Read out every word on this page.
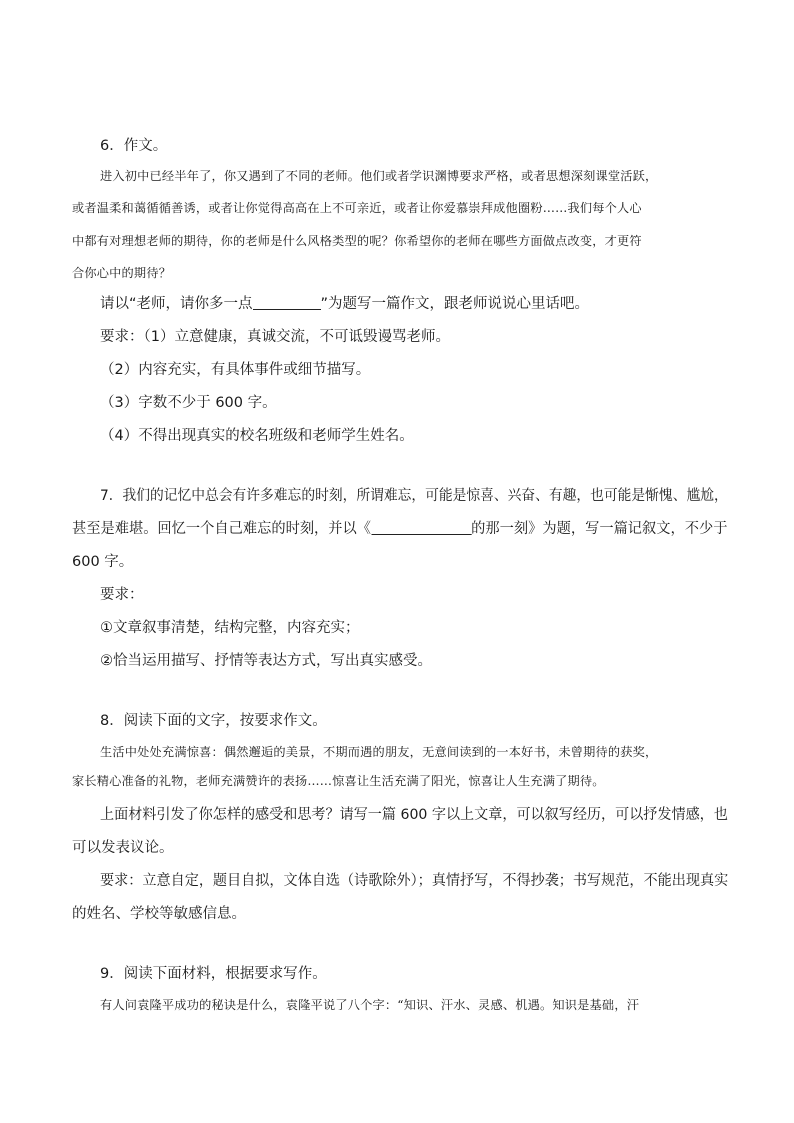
6．作文。
进入初中已经半年了，你又遇到了不同的老师。他们或者学识渊博要求严格，或者思想深刻课堂活跃，
或者温柔和蔼循循善诱，或者让你觉得高高在上不可亲近，或者让你爱慕崇拜成他圈粉……我们每个人心
中都有对理想老师的期待，你的老师是什么风格类型的呢？你希望你的老师在哪些方面做点改变，才更符
合你心中的期待？
请以“老师，请你多一点	”为题写一篇作文，跟老师说说心里话吧。
要求：（1）立意健康，真诚交流，不可诋毁谩骂老师。
（2）内容充实，有具体事件或细节描写。
（3）字数不少于 600 字。
（4）不得出现真实的校名班级和老师学生姓名。
7．我们的记忆中总会有许多难忘的时刻，所谓难忘，可能是惊喜、兴奋、有趣，也可能是惭愧、尴尬，
甚至是难堪。回忆一个自己难忘的时刻，并以《	的那一刻》为题，写一篇记叙文，不少于
600 字。
要求：
①文章叙事清楚，结构完整，内容充实；
②恰当运用描写、抒情等表达方式，写出真实感受。
8．阅读下面的文字，按要求作文。
生活中处处充满惊喜：偶然邂逅的美景，不期而遇的朋友，无意间读到的一本好书，未曾期待的获奖，
家长精心准备的礼物，老师充满赞许的表扬……惊喜让生活充满了阳光，惊喜让人生充满了期待。
上面材料引发了你怎样的感受和思考？请写一篇 600 字以上文章，可以叙写经历，可以抒发情感，也
可以发表议论。
要求：立意自定，题目自拟，文体自选（诗歌除外）；真情抒写，不得抄袭；书写规范，不能出现真实
的姓名、学校等敏感信息。
9．阅读下面材料，根据要求写作。
有人问袁隆平成功的秘诀是什么，袁隆平说了八个字：“知识、汗水、灵感、机遇。知识是基础，汗
